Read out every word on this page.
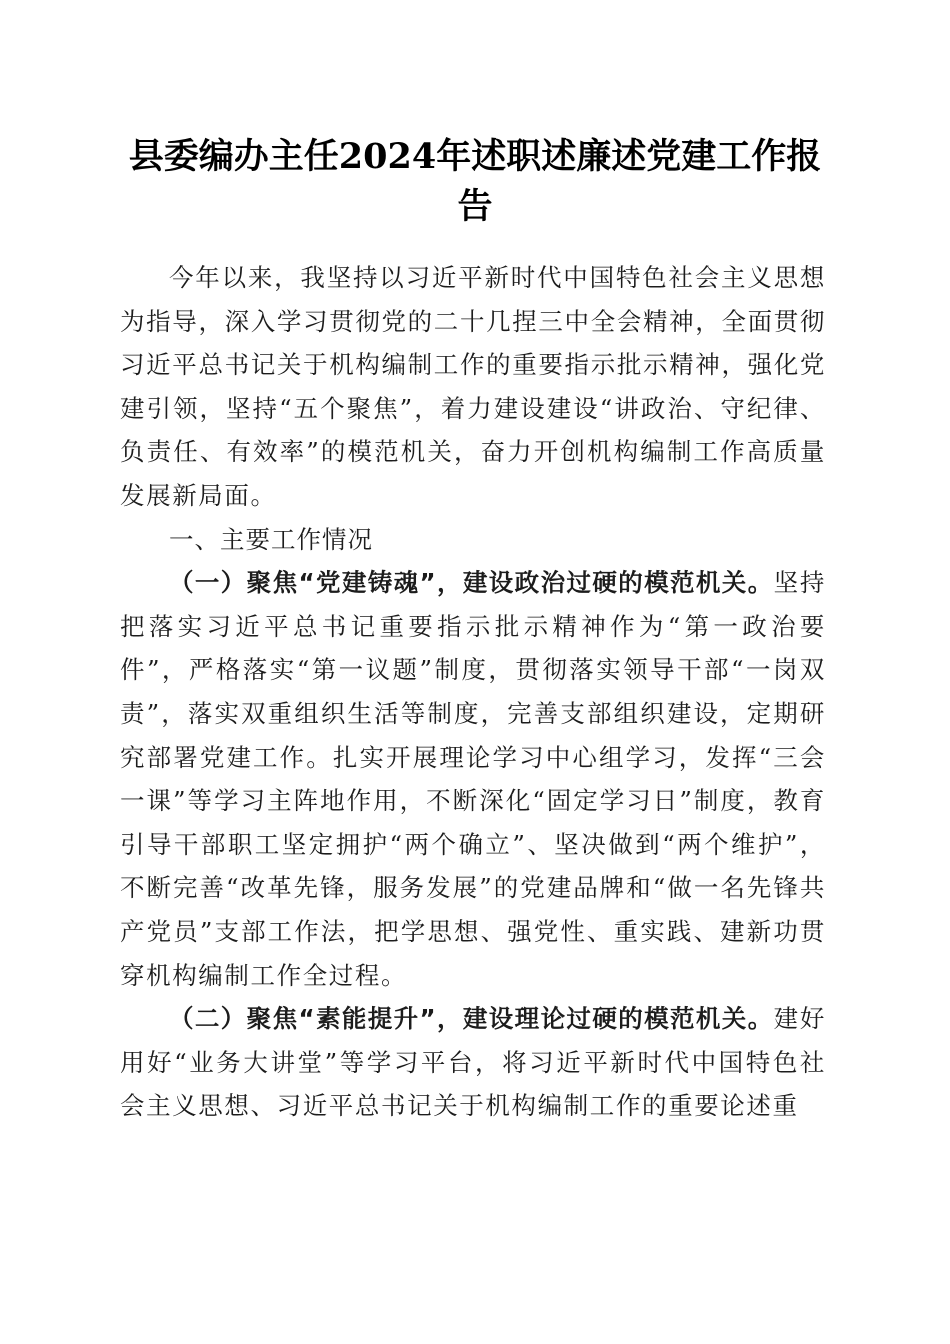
县委编办主任2024年述职述廉述党建工作报告

今年以来，我坚持以习近平新时代中国特色社会主义思想为指导，深入学习贯彻党的二十几捏三中全会精神，全面贯彻习近平总书记关于机构编制工作的重要指示批示精神，强化党建引领，坚持“五个聚焦”，着力建设建设“讲政治、守纪律、负责任、有效率”的模范机关，奋力开创机构编制工作高质量发展新局面。

一、主要工作情况

（一）聚焦“党建铸魂”，建设政治过硬的模范机关。坚持把落实习近平总书记重要指示批示精神作为“第一政治要件”，严格落实“第一议题”制度，贯彻落实领导干部“一岗双责”，落实双重组织生活等制度，完善支部组织建设，定期研究部署党建工作。扎实开展理论学习中心组学习，发挥“三会一课”等学习主阵地作用，不断深化“固定学习日”制度，教育引导干部职工坚定拥护“两个确立”、坚决做到“两个维护”，不断完善“改革先锋，服务发展”的党建品牌和“做一名先锋共产党员”支部工作法，把学思想、强党性、重实践、建新功贯穿机构编制工作全过程。

（二）聚焦“素能提升”，建设理论过硬的模范机关。建好用好“业务大讲堂”等学习平台，将习近平新时代中国特色社会主义思想、习近平总书记关于机构编制工作的重要论述重
